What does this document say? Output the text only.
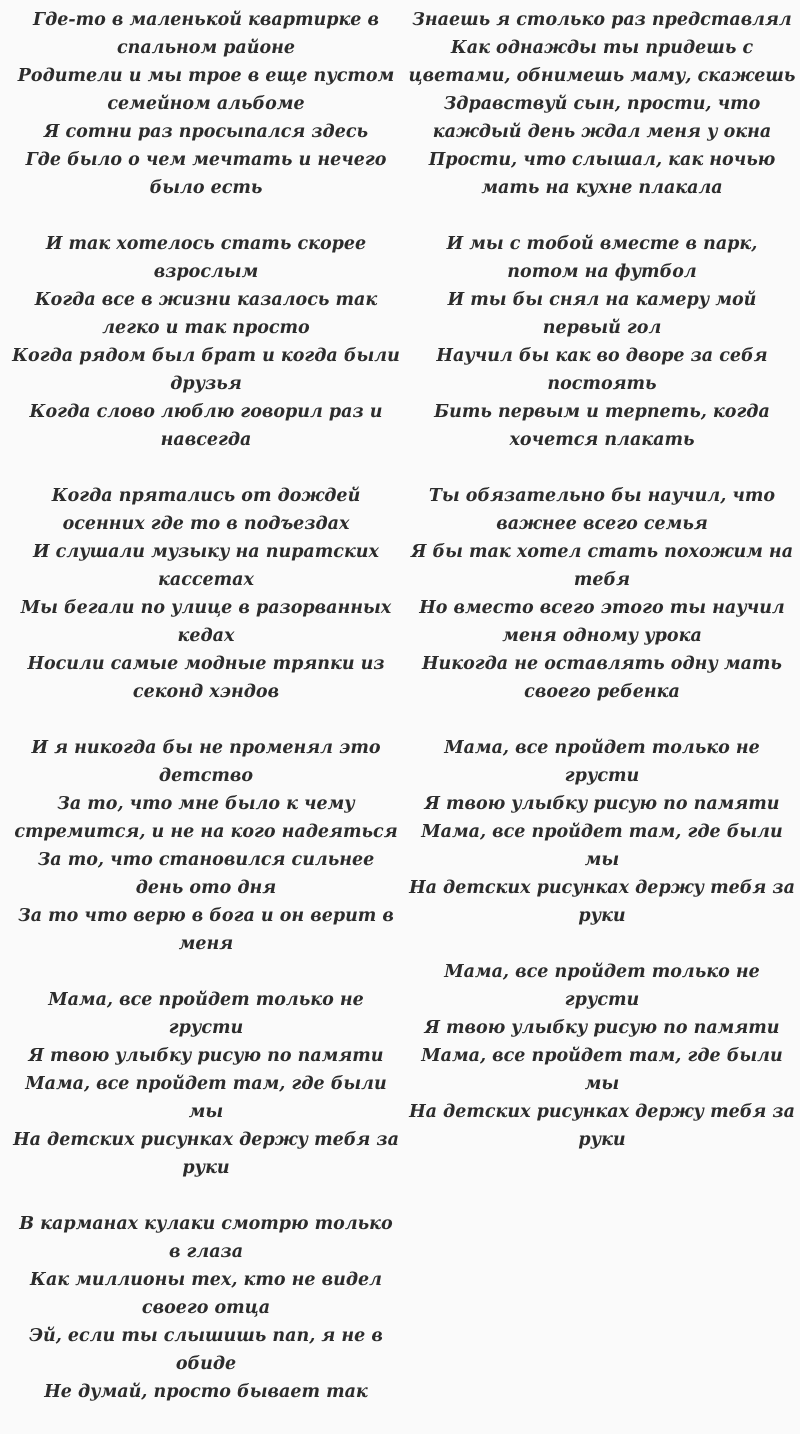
Где-то в маленькой квартирке в спальном районе
Родители и мы трое в еще пустом семейном альбоме
Я сотни раз просыпался здесь
Где было о чем мечтать и нечего было есть
И так хотелось стать скорее взрослым
Когда все в жизни казалось так легко и так просто
Когда рядом был брат и когда были друзья
Когда слово люблю говорил раз и навсегда
Когда прятались от дождей осенних где то в подъездах
И слушали музыку на пиратских кассетах
Мы бегали по улице в разорванных кедах
Носили самые модные тряпки из секонд хэндов
И я никогда бы не променял это детство
За то, что мне было к чему стремится, и не на кого надеяться
За то, что становился сильнее день ото дня
За то что верю в бога и он верит в меня
Мама, все пройдет только не грусти
Я твою улыбку рисую по памяти
Мама, все пройдет там, где были мы
На детских рисунках держу тебя за руки
В карманах кулаки смотрю только в глаза
Как миллионы тех, кто не видел своего отца
Эй, если ты слышишь пап, я не в обиде
Не думай, просто бывает так
Знаешь я столько раз представлял
Как однажды ты придешь с цветами, обнимешь маму, скажешь
Здравствуй сын, прости, что каждый день ждал меня у окна
Прости, что слышал, как ночью мать на кухне плакала
И мы с тобой вместе в парк, потом на футбол
И ты бы снял на камеру мой первый гол
Научил бы как во дворе за себя постоять
Бить первым и терпеть, когда хочется плакать
Ты обязательно бы научил, что важнее всего семья
Я бы так хотел стать похожим на тебя
Но вместо всего этого ты научил меня одному урока
Никогда не оставлять одну мать своего ребенка
Мама, все пройдет только не грусти
Я твою улыбку рисую по памяти
Мама, все пройдет там, где были мы
На детских рисунках держу тебя за руки
Мама, все пройдет только не грусти
Я твою улыбку рисую по памяти
Мама, все пройдет там, где были мы
На детских рисунках держу тебя за руки
